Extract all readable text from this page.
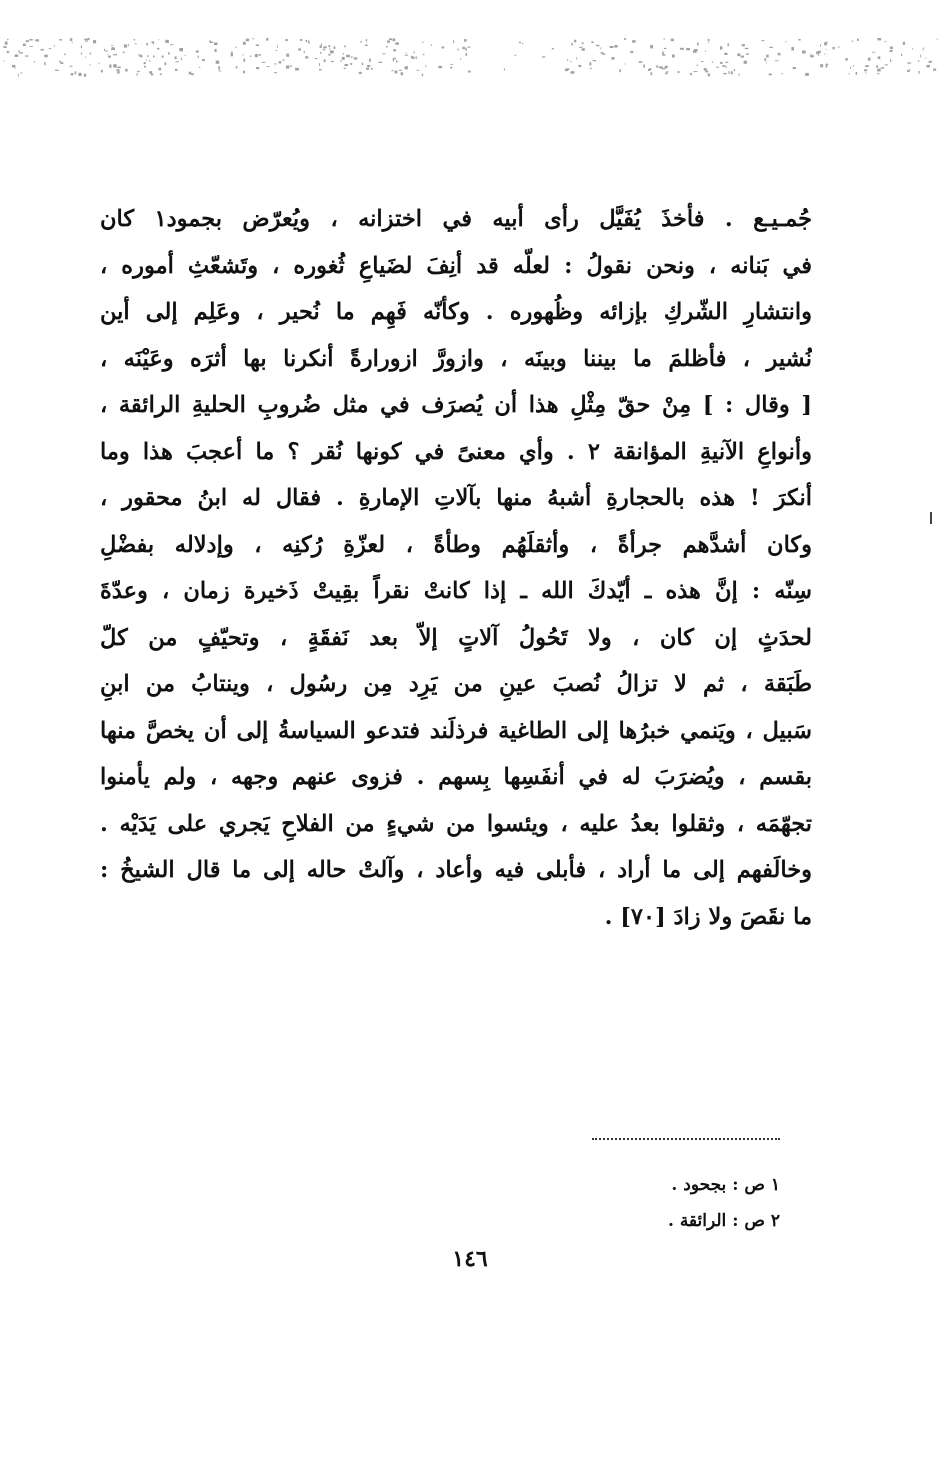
جُمـيـع . فأخذَ يُفَيَّل رأى أبيه في اختزانه ، ويُعرّض بجمود١ كان
في بَنانه ، ونحن نقولُ : لعلّه قد أنِفَ لضَياعِ ثُغوره ، وتَشعّثِ أموره ،
وانتشارِ الشّركِ بإزائه وظُهوره . وكأنّه فَهِم ما نُحير ، وعَلِم إلى أين
نُشير ، فأظلمَ ما بيننا وبينَه ، وازورَّ ازورارةً أنكرنا بها أثرَه وعَيْنَه ،
[ وقال : ] مِنْ حقّ مِثْلِ هذا أن يُصرَف في مثل ضُروبِ الحليةِ الرائقة ،
وأنواعِ الآنيةِ المؤانقة ٢ . وأي معنىً في كونها نُقر ؟ ما أعجبَ هذا وما
أنكرَ ! هذه بالحجارةِ أشبهُ منها بآلاتِ الإمارةِ . فقال له ابنُ محقور ،
وكان أشدَّهم جرأةً ، وأثقلَهُم وطأةً ، لعزّةِ رُكنِه ، وإدلاله بفضْلِ
سِنّه : إنَّ هذه ـ أيّدكَ الله ـ إذا كانتْ نقراً بقِيتْ ذَخيرة زمان ، وعدّةَ
لحدَثٍ إن كان ، ولا تَحُولُ آلاتٍ إلاّ بعد نَفقَةٍ ، وتحيّفٍ من كلّ
طَبَقة ، ثم لا تزالُ نُصبَ عينِ من يَرِد مِن رسُول ، وينتابُ من ابنِ
سَبيل ، ويَنمي خبرُها إلى الطاغية فرذلَند فتدعو السياسةُ إلى أن يخصَّ منها
بقسم ، ويُضرَبَ له في أنفَسِها بِسهم . فزوى عنهم وجهه ، ولم يأمنوا
تجهّمَه ، وثقلوا بعدُ عليه ، ويئسوا من شيءٍ من الفلاحِ يَجري على يَدَيْه .
وخالَفهم إلى ما أراد ، فأبلى فيه وأعاد ، وآلتْ حاله إلى ما قال الشيخُ :
ما نقَصَ ولا زادَ [٧٠] .
١ ص : بجحود .
٢ ص : الرائقة .
١٤٦
